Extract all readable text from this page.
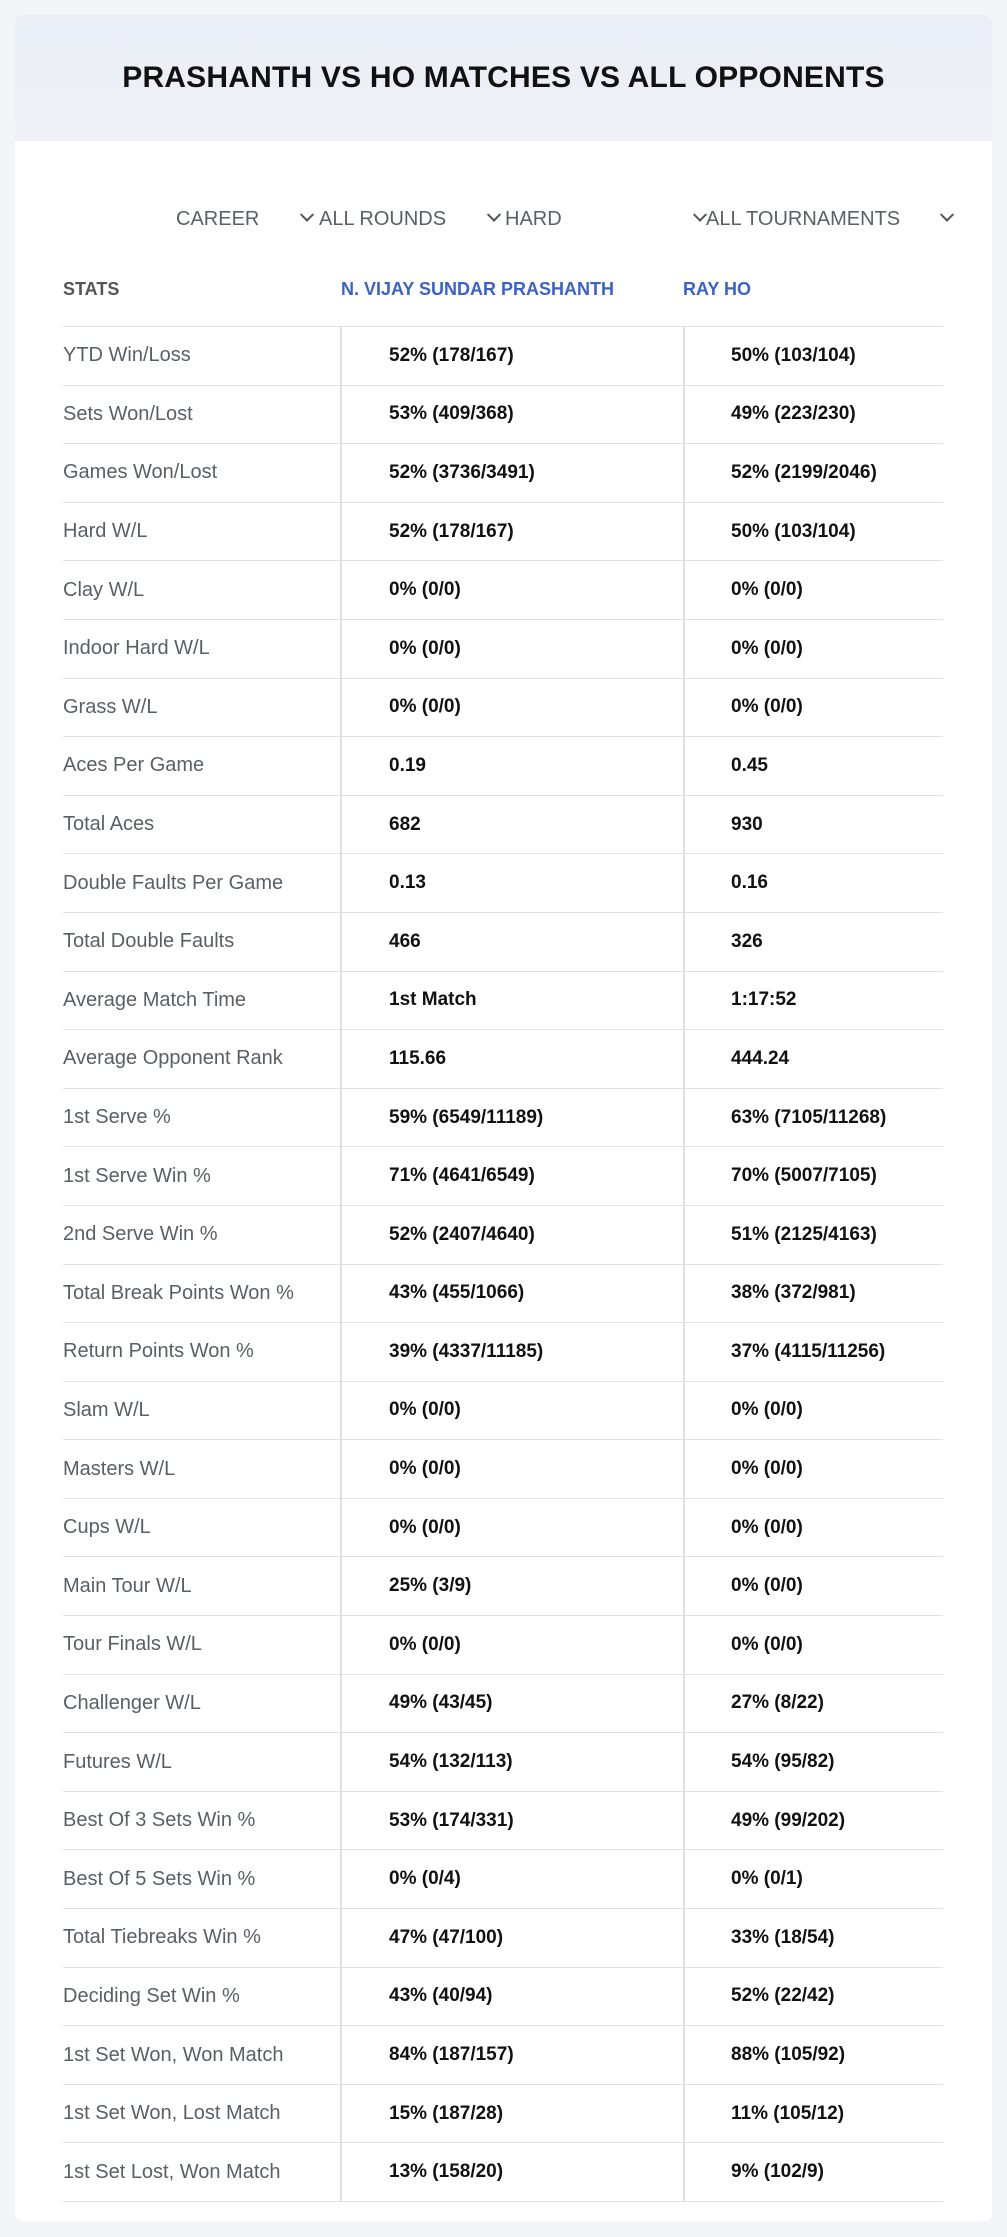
PRASHANTH VS HO MATCHES VS ALL OPPONENTS
CAREER	ALL ROUNDS	HARD	ALL TOURNAMENTS
STATS	N. VIJAY SUNDAR PRASHANTH	RAY HO
YTD Win/Loss	52% (178/167)	50% (103/104)
Sets Won/Lost	53% (409/368)	49% (223/230)
Games Won/Lost	52% (3736/3491)	52% (2199/2046)
Hard W/L	52% (178/167)	50% (103/104)
Clay W/L	0% (0/0)	0% (0/0)
Indoor Hard W/L	0% (0/0)	0% (0/0)
Grass W/L	0% (0/0)	0% (0/0)
Aces Per Game	0.19	0.45
Total Aces	682	930
Double Faults Per Game	0.13	0.16
Total Double Faults	466	326
Average Match Time	1st Match	1:17:52
Average Opponent Rank	115.66	444.24
1st Serve %	59% (6549/11189)	63% (7105/11268)
1st Serve Win %	71% (4641/6549)	70% (5007/7105)
2nd Serve Win %	52% (2407/4640)	51% (2125/4163)
Total Break Points Won %	43% (455/1066)	38% (372/981)
Return Points Won %	39% (4337/11185)	37% (4115/11256)
Slam W/L	0% (0/0)	0% (0/0)
Masters W/L	0% (0/0)	0% (0/0)
Cups W/L	0% (0/0)	0% (0/0)
Main Tour W/L	25% (3/9)	0% (0/0)
Tour Finals W/L	0% (0/0)	0% (0/0)
Challenger W/L	49% (43/45)	27% (8/22)
Futures W/L	54% (132/113)	54% (95/82)
Best Of 3 Sets Win %	53% (174/331)	49% (99/202)
Best Of 5 Sets Win %	0% (0/4)	0% (0/1)
Total Tiebreaks Win %	47% (47/100)	33% (18/54)
Deciding Set Win %	43% (40/94)	52% (22/42)
1st Set Won, Won Match	84% (187/157)	88% (105/92)
1st Set Won, Lost Match	15% (187/28)	11% (105/12)
1st Set Lost, Won Match	13% (158/20)	9% (102/9)
